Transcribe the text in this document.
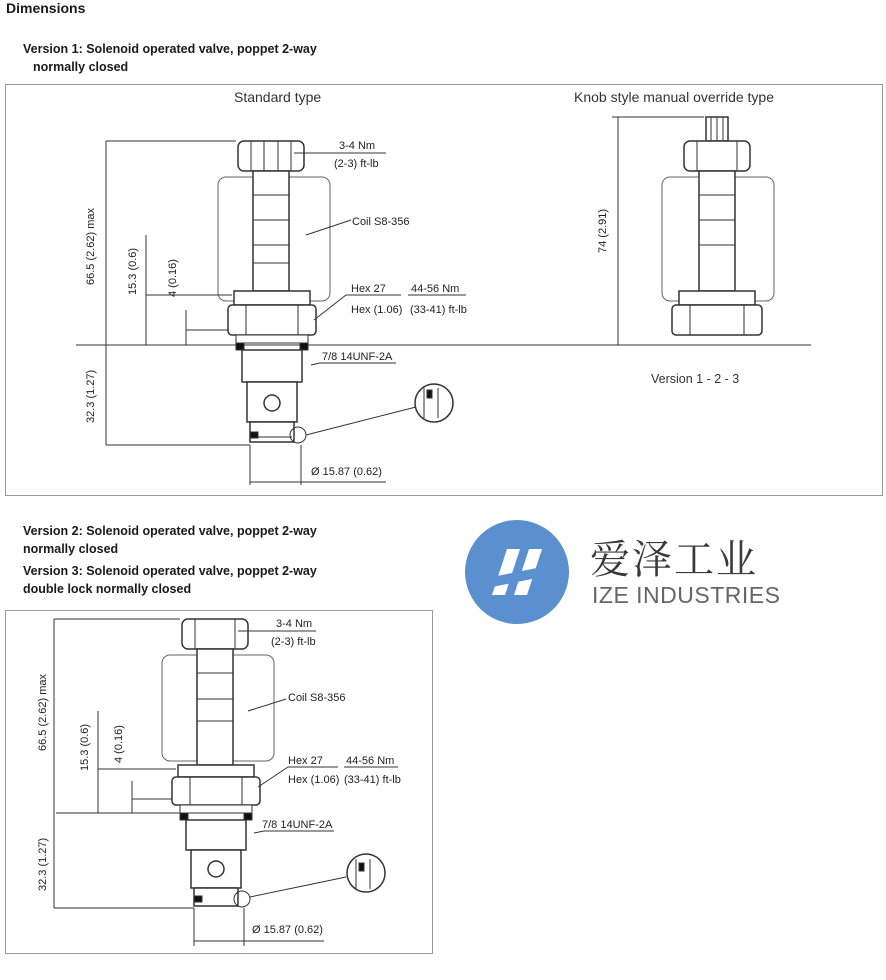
Dimensions
Version 1: Solenoid operated valve, poppet 2-way
normally closed
3-4 Nm
(2-3) ft-lb
Coil S8-356
Hex 27
Hex (1.06)
44-56 Nm
(33-41) ft-lb
7/8 14UNF-2A
Ø 15.87 (0.62)
66.5 (2.62) max	15.3 (0.6)	4 (0.16)
32.3 (1.27)
74 (2.91)
Standard type	Knob style manual override type
Version 1 - 2 - 3
Version 2: Solenoid operated valve, poppet 2-way
normally closed
Version 3: Solenoid operated valve, poppet 2-way
double lock normally closed
爱泽工业
IZE INDUSTRIES
3-4 Nm
(2-3) ft-lb
Coil S8-356
Hex 27
Hex (1.06)
44-56 Nm
(33-41) ft-lb
7/8 14UNF-2A
Ø 15.87 (0.62)
66.5 (2.62) max	15.3 (0.6) 4 (0.16)
32.3 (1.27)
